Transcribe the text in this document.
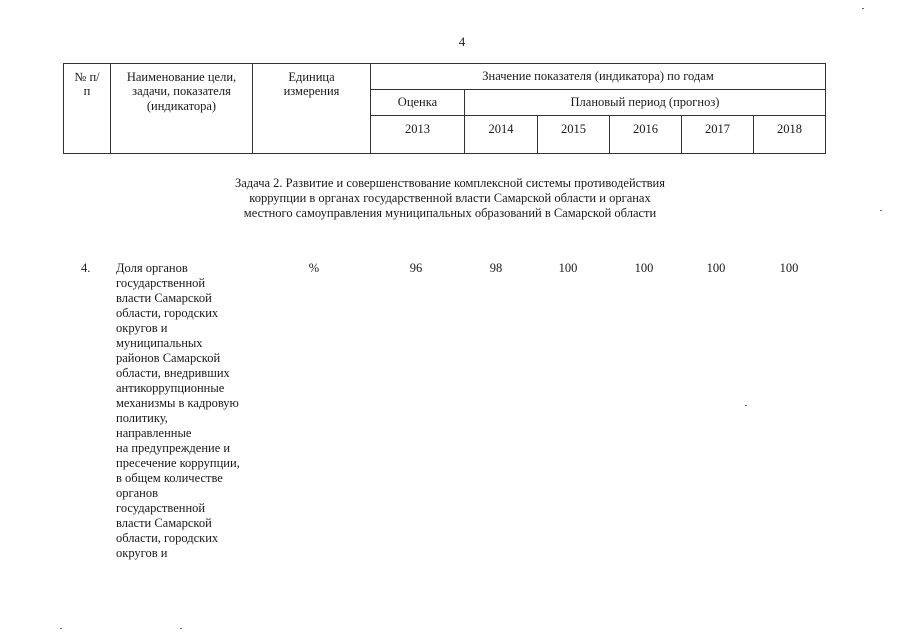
4
№ п/п	Наименование цели, задачи, показателя (индикатора)	Единица измерения	Значение показателя (индикатора) по годам					
			Оценка	Плановый период (прогноз)				
			2013	2014	2015	2016	2017	2018
Задача 2. Развитие и совершенствование комплексной системы противодействия коррупции в органах государственной власти Самарской области и органах местного самоуправления муниципальных образований в Самарской области
4. Доля органов
государственной
власти Самарской
области, городских
округов и
муниципальных
районов Самарской
области, внедривших
антикоррупционные
механизмы в кадровую
политику,
направленные
на предупреждение и
пресечение коррупции,
в общем количестве
органов
государственной
власти Самарской
области, городских
округов и
%	96	98	100	100	100	100
